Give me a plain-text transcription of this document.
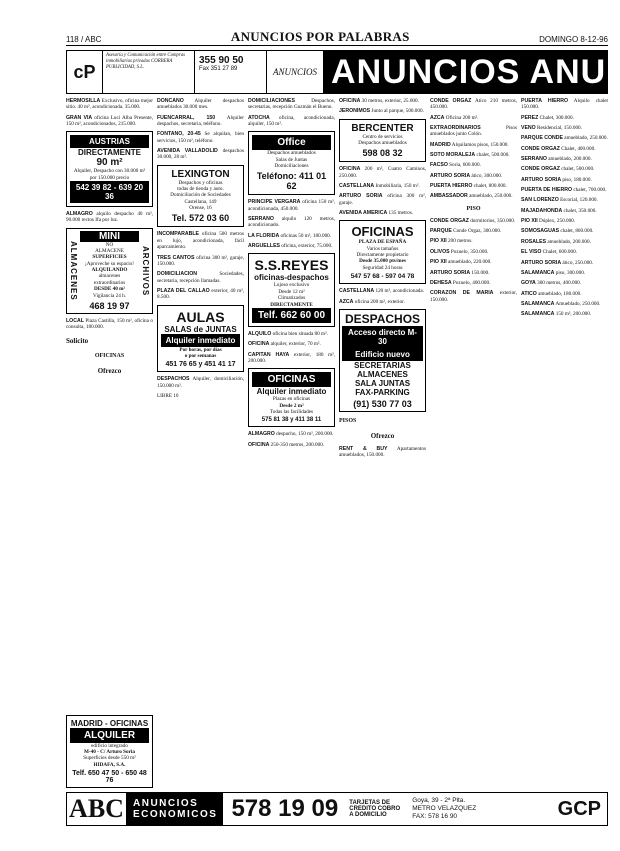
118 / ABC	ANUNCIOS POR PALABRAS	DOMINGO 8-12-96
cP
Asesoría y Comunicación entre Compras inmobiliarias privadas CORBERA PUBLICIDAD, S.L.
355 90 50
Fax 351 27 89	ANUNCIOS ANUNCIOS ANU

HERMOSILLA Exclusivo, oficina mejor sitio. 40 m², acondicionada. 35.000.

GRAN VIA oficina Luci Alba Presente, 150 m², acondicionados, 215.000.

AUSTRIAS
DIRECTAMENTE
90 m²
Alquiler, Despacho con 30.000 m² por 150.000 precio
542 39 82 - 639 20 36

ALMAGRO alquilo despacho 40 m², 90.000 rectos Ifa por luz.

ALMACENES
MINI
NO
ALMACENE
SUPERFICIES
¡Aproveche su espacio!
ALQUILANDO
almacenes
extraordinarios
DESDE 40 m²
Vigilancia 24 h.
468 19 97
ARCHIVOS

LOCAL Plaza Castilla, 150 m², oficina o consulta, 180.000.

Solicito
OFICINAS
Ofrezco
MADRID - OFICINAS
ALQUILER
edificio integrado
M-40 - C/ Arturo Soria
Superficies desde 550 m²
HIDAFA, S.A.
Telf. 650 47 50 - 650 48 76

DONCANO Alquiler despachos amueblados 30.000 mes.

FUENCARRAL, 150 Alquiler despachos, secretaria, teléfono.

FONTANO, 20-45 Se alquilan, bien servicios, 150 m², teléfono.

AVENIDA VALLADOLID despachos 30.000, 28 m².

LEXINGTON
Despachos y oficinas
todas de tienda y auto.
Domiciliación de Sociedades
Castellana, 149
Orense, 16
Tel. 572 03 60

INCOMPARABLE oficina 500 metros en lujo, acondicionada, fácil aparcamiento.

TRES CANTOS oficina 300 m², garaje, 150.000.

DOMICILIACION	Sociedades, secretaria, recepción llamadas.

PLAZA DEL CALLAO exterior, 40 m², 8.500.

AULAS
SALAS de JUNTAS
Alquiler inmediato
Por horas, por días
o por semanas
451 76 65 y 451 41 17

DESPACHOS Alquiler, domiciliación, 150.000 m².

LIBRE 10

DOMICILIACIONES	Despachos, secretarias, recepción Guzmán el Bueno.

ATOCHA oficina, acondicionada, alquiler, 150 m².

Office
Despachos amueblados
Salas de Juntas
Domiciliaciones
Teléfono: 411 01 62

PRINCIPE VERGARA oficina 150 m², acondicionada, 450.000.

SERRANO alquilo 120 metros, acondicionado.

LA FLORIDA oficinas 50 m², 180.000.

ARGUELLES oficina, exterior, 75.000.

S.S.REYES
oficinas-despachos
Lujoso exclusivo
Desde 12 m²
Climatizados
DIRECTAMENTE
Telf. 662 60 00

ALQUILO oficina bien situada 80 m².

OFICINA alquiler, exterior, 70 m².

CAPITAN HAYA exterior, 180 m², 200.000.

OFICINAS
Alquiler inmediato
Plazas en oficinas
Desde 2 m²
Todas las facilidades
575 81 38 y 411 38 11

ALMAGRO despacho, 150 m², 200.000.

OFICINA 250-350 metros, 200.000.

OFICINA 30 metros, exterior, 25.000.

JERONIMOS Junto al parque, 500.000.

BERCENTER
Centro de servicios
Despachos amueblados
598 08 32

OFICINA 200 m², Cuatro Caminos, 250.000.

CASTELLANA Inmobiliaria, 150 m².

ARTURO SORIA oficina 300 m², garaje.

AVENIDA AMERICA 135 metros.

OFICINAS
PLAZA DE ESPAÑA
Varios tamaños
Directamente propietario
Desde 35.000 pts/mes
Seguridad 24 horas
547 57 68 - 597 04 78

CASTELLANA 120 m², acondicionada.

AZCA oficina 200 m², exterior.

DESPACHOS
Acceso directo M-30
Edificio nuevo
SECRETARIAS
ALMACENES
SALA JUNTAS
FAX-PARKING
(91) 530 77 03
PISOS
Ofrezco

RENT & BUY Apartamentos amueblados, 150.000.

CONDE ORGAZ Ático 210 metros, 450.000.

AZCA Oficina 200 m².

EXTRAORDINARIOS	Pisos amueblados junto Colón.

MADRID Alquilamos pisos, 150.000.

SOTO MORALEJA chalet, 500.000.

FACSO Soria, 600.000.

ARTURO SORIA ático, 300.000.

PUERTA HIERRO chalet, 800.000.

AMBASSADOR amueblado, 250.000.

PISO

CONDE ORGAZ dormitorios, 350.000.

PARQUE Conde Orgaz, 300.000.

PIO XII 200 metros.

OLIVOS Pozuelo, 350.000.

PIO XII amueblado, 220.000.

ARTURO SORIA 150.000.

DEHESA Pozuelo, 400.000.

CORAZON DE MARIA exterior, 150.000.

PUERTA HIERRO Alquilo chalet 150.000.

PEREZ Chalet, 300.000.

VENO Residencial, 150.000.

PARQUE CONDE amueblado, 250.000.

CONDE ORGAZ Chalet, 400.000.

SERRANO amueblado, 200.000.

CONDE ORGAZ chalet, 500.000.

ARTURO SORIA piso, 180.000.

PUERTA DE HIERRO chalet, 700.000.

SAN LORENZO Escorial, 120.000.

MAJADAHONDA chalet, 350.000.

PIO XII Dúplex, 250.000.

SOMOSAGUAS chalet, 800.000.

ROSALES amueblado, 200.000.

EL VISO Chalet, 600.000.

ARTURO SORIA ático, 250.000.

SALAMANCA piso, 300.000.

GOYA 300 metros, 400.000.

ATICO amueblado, 180.000.

SALAMANCA Amueblado, 250.000.

SALAMANCA 150 m², 200.000.

ABC ANUNCIOS
ECONOMICOS 578 19 09	TARJETAS DE CREDITO COBRO A DOMICILIO
Goya, 39 - 2ª Plta.
METRO VELAZQUEZ
FAX: 578 16 90	GCP
